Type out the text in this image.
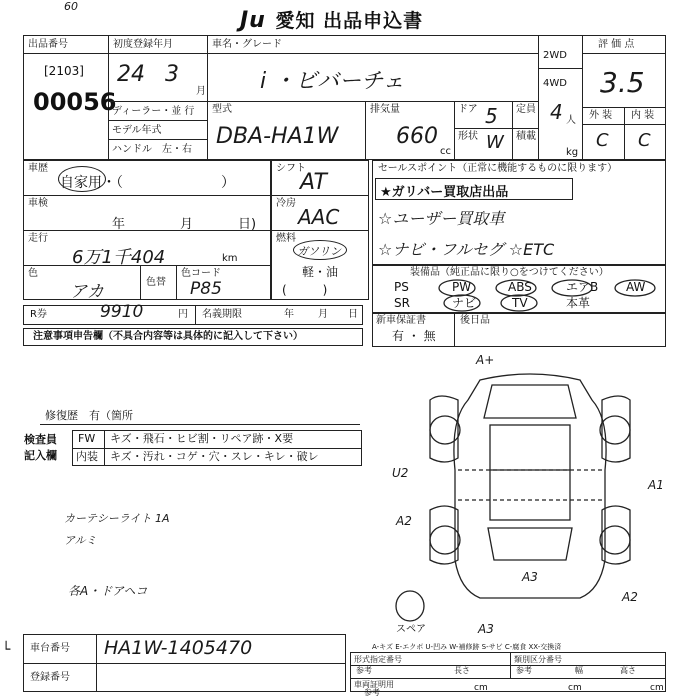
60
Ju 愛知 出品申込書
出品番号
[2103]
00056
初度登録年月
24 3
月
ディーラー・並 行
モデル年式
ハンドル　左・右
車名・グレード
i ・ビバーチェ
2WD
4WD
評 価 点
3.5
外 装 内 装
C C
型式
DBA-HA1W
排気量
660
cc
ドア 5 定員 4 人
形状 W 積載
kg
車歴
自家用・（　　　　　　　）
車検
年	月	日)
走行
6万1千404	km
色
アカ	色替
色コード
P85
シフト
AT
冷房
AAC
燃料
ガソリン
軽・油
(　　　)
R券	9910	円 名義期限	年 月 日
注意事項申告欄（不具合内容等は具体的に記入して下さい）
セールスポイント（正常に機能するものに限ります）
★ガリバー買取店出品
☆ユーザー買取車
☆ナビ・フルセグ ☆ETC
装備品（純正品に限り○をつけてください）
PS	PW	ABS	エアB AW
SR	ナビ	TV	本革
新車保証書
有 ・ 無
後日品
修復歴　有（箇所
検査員
記入欄
FW キズ・飛石・ヒビ割・リペア跡・X要
内装 キズ・汚れ・コゲ・穴・スレ・キレ・破レ
カーテシーライト 1A
アルミ
各A・ドアヘコ
A+
U2
A2
A1
A3
A2
A3
スペア
A-キズ E-エクボ U-凹み W-補修跡 S-サビ C-腐食 XX-交換済
車台番号 HA1W-1405470
登録番号
└
形式指定番号
参考
類別区分番号
参考
車両証明用
参考
長さ	幅	高さ
cm	cm	cm
